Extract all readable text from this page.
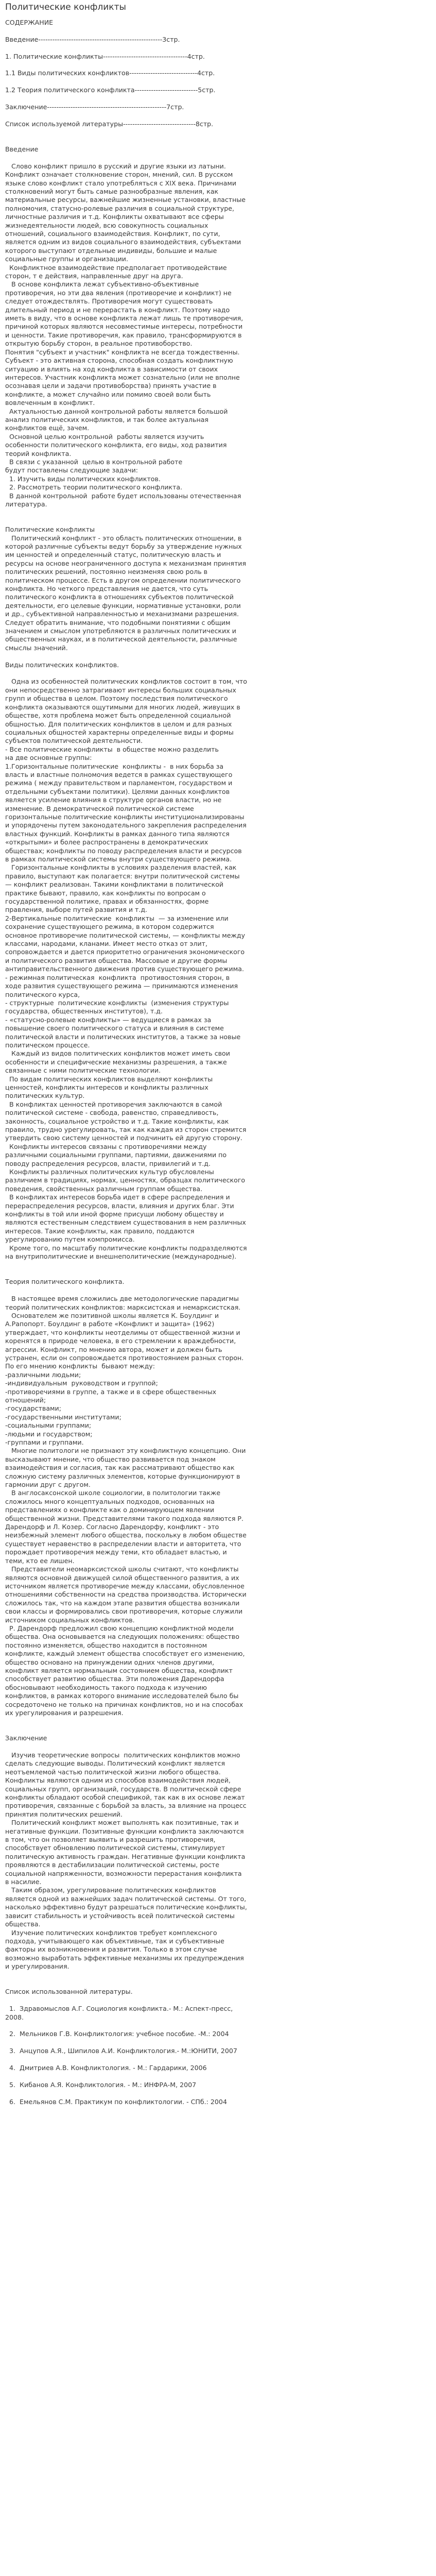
Политические конфликты
СОДЕРЖАНИЕ
Введение-----------------------------------------------------3стр.
1. Политические конфликты------------------------------------4стр.
1.1 Виды политических конфликтов-----------------------------4стр.
1.2 Теория политического конфликта---------------------------5стр.
Заключение---------------------------------------------------7стр.
Список используемой литературы-------------------------------8стр.
Введение
Слово конфликт пришло в русский и другие языки из латыни. Конфликт означает столкновение сторон, мнений, сил. В русском языке слово конфликт стало употребляться с XIX века. Причинами столкновений могут быть самые разнообразные явления, как материальные ресурсы, важнейшие жизненные установки, властные полномочия, статусно-ролевые различия в социальной структуре, личностные различия и т.д. Конфликты охватывают все сферы жизнедеятельности людей, всю совокупность социальных отношений, социального взаимодействия. Конфликт, по сути, является одним из видов социального взаимодействия, субъектами которого выступают отдельные индивиды, большие и малые социальные группы и организации.
Конфликтное взаимодействие предполагает противодействие сторон, т е действия, направленные друг на друга.
В основе конфликта лежат субъективно-объективные противоречия, но эти два явления (противоречие и конфликт) не следует отождествлять. Противоречия могут существовать длительный период и не перерастать в конфликт. Поэтому надо иметь в виду, что в основе конфликта лежат лишь те противоречия, причиной которых являются несовместимые интересы, потребности и ценности. Такие противоречия, как правило, трансформируются в открытую борьбу сторон, в реальное противоборство.
Понятия "субъект и участник" конфликта не всегда тождественны. Субъект - это активная сторона, способная создать конфликтную ситуацию и влиять на ход конфликта в зависимости от своих интересов. Участник конфликта может сознательно (или не вполне осознавая цели и задачи противоборства) принять участие в конфликте, а может случайно или помимо своей воли быть вовлеченным в конфликт.
Актуальностью данной контрольной работы является большой анализ политических конфликтов, и так более актуальная конфликтов ещё, зачем.
Основной целью контрольной  работы является изучить особенности политического конфликта, его виды, ход развития теорий конфликта.
В связи с указанной  целью в контрольной работе
будут поставлены следующие задачи:
1. Изучить виды политических конфликтов.
2. Рассмотреть теории политического конфликта.
В данной контрольной  работе будет использованы отечественная  литература.
Политические конфликты
Политический конфликт - это область политических отношении, в которой различные субъекты ведут борьбу за утверждение нужных им ценностей и определенный статус, политическую власть и ресурсы на основе неограниченного доступа к механизмам принятия политических решений, постоянно неизменяя свою роль в политическом процессе. Есть в другом определении политического конфликта. Но четкого представления не дается, что суть политического конфликта в отношениях субъектов политической деятельности, его целевые функции, нормативные установки, роли и др., субъективной направленностью и механизмами разрешения. Следует обратить внимание, что подобными понятиями с общим значением и смыслом употребляются в различных политических и общественных науках, и в политической деятельности, различные смыслы значений.
Виды политических конфликтов.
Одна из особенностей политических конфликтов состоит в том, что они непосредственно затрагивают интересы больших социальных групп и общества в целом. Поэтому последствия политического конфликта оказываются ощутимыми для многих людей, живущих в обществе, хотя проблема может быть определенной социальной общностью. Для политических конфликтов в целом и для разных социальных общностей характерны определенные виды и формы субъектов политической деятельности.
- Все политические конфликты  в обществе можно разделить
на две основные группы:
1.Горизонтальные политические  конфликты -  в них борьба за власть и властные полномочия ведется в рамках существующего режима ( между правительством и парламентом, государством и отдельными субъектами политики). Целями данных конфликтов является усиление влияния в структуре органов власти, но не изменение. В демократической политической системе горизонтальные политические конфликты институционализированы и упорядочены путем законодательного закрепления распределения властных функций. Конфликты в рамках данного типа являются «открытыми» и более распространены в демократических обществах; конфликты по поводу распределения власти и ресурсов в рамках политической системы внутри существующего режима.
Горизонтальные конфликты в условиях разделения властей, как правило, выступают как полагается: внутри политической системы — конфликт реализован. Такими конфликтами в политической практике бывают, правило, как конфликты по вопросам о государственной политике, правах и обязанностях, форме правления, выборе путей развития и т.д.
2-Вертикальные политические  конфликты  — за изменение или сохранение существующего режима, в котором содержится основное противоречие политической системы, — конфликты между классами, народами, кланами. Имеет место отказ от элит, сопровождается и дается приоритетно ограничения экономического и политического развития общества. Массовые и другие формы антиправительственного движения против существующего режима.
- режимная политическая  конфликта  противостояния сторон, в ходе развития существующего режима — принимаются изменения политического курса,
- структурные  политические конфликты  (изменения структуры государства, общественных институтов), т.д.
- «статусно-ролевые конфликты» — ведущиеся в рамках за повышение своего политического статуса и влияния в системе политической власти и политических институтов, а также за новые политическом процессе.
Каждый из видов политических конфликтов может иметь свои особенности и специфические механизмы разрешения, а также связанные с ними политические технологии.
По видам политических конфликтов выделяют конфликты ценностей, конфликты интересов и конфликты различных политических культур.
В конфликтах ценностей противоречия заключаются в самой политической системе - свобода, равенство, справедливость, законность, социальное устройство и т.д. Такие конфликты, как правило, трудно урегулировать, так как каждая из сторон стремится утвердить свою систему ценностей и подчинить ей другую сторону.
Конфликты интересов связаны с противоречиями между различными социальными группами, партиями, движениями по поводу распределения ресурсов, власти, привилегий и т.д.
Конфликты различных политических культур обусловлены различием в традициях, нормах, ценностях, образцах политического поведения, свойственных различным группам общества.
В конфликтах интересов борьба идет в сфере распределения и перераспределения ресурсов, власти, влияния и других благ. Эти конфликты в той или иной форме присущи любому обществу и являются естественным следствием существования в нем различных интересов. Такие конфликты, как правило, поддаются урегулированию путем компромисса.
Кроме того, по масштабу политические конфликты подразделяются на внутриполитические и внешнеполитические (международные).
Теория политического конфликта.
В настоящее время сложились две методологические парадигмы теорий политических конфликтов: марксистская и немарксистская.
Основателем же позитивной школы является К. Боулдинг и А.Рапопорт. Боулдинг в работе «Конфликт и защита» (1962) утверждает, что конфликты неотделимы от общественной жизни и коренятся в природе человека, в его стремлении к враждебности, агрессии. Конфликт, по мнению автора, может и должен быть устранен, если он сопровождается противостоянием разных сторон.
По его мнению конфликты  бывают между:
-различными людьми;
-индивидуальным  руководством и группой;
-противоречиями в группе, а также и в сфере общественных отношений;
-государствами;
-государственными институтами;
-социальными группами;
-людьми и государством;
-группами и группами.
Многие политологи не признают эту конфликтную концепцию. Они высказывают мнение, что общество развивается под знаком взаимодействия и согласия, так как рассматривают общество как сложную систему различных элементов, которые функционируют в гармонии друг с другом.
В англосаксонской школе социологии, в политологии также сложилось много концептуальных подходов, основанных на представлениях о конфликте как о доминирующем явлении общественной жизни. Представителями такого подхода являются Р. Дарендорф и Л. Козер. Согласно Дарендорфу, конфликт - это неизбежный элемент любого общества, поскольку в любом обществе существует неравенство в распределении власти и авторитета, что порождает противоречия между теми, кто обладает властью, и теми, кто ее лишен.
Представители неомарксистской школы считают, что конфликты являются основной движущей силой общественного развития, а их источником является противоречие между классами, обусловленное отношениями собственности на средства производства. Исторически сложилось так, что на каждом этапе развития общества возникали свои классы и формировались свои противоречия, которые служили источником социальных конфликтов.
Р. Дарендорф предложил свою концепцию конфликтной модели общества. Она основывается на следующих положениях: общество постоянно изменяется, общество находится в постоянном конфликте, каждый элемент общества способствует его изменению, общество основано на принуждении одних членов другими, конфликт является нормальным состоянием общества, конфликт способствует развитию общества. Эти положения Дарендорфа обосновывают необходимость такого подхода к изучению конфликтов, в рамках которого внимание исследователей было бы сосредоточено не только на причинах конфликтов, но и на способах их урегулирования и разрешения.
Заключение
Изучив теоретические вопросы  политических конфликтов можно сделать следующие выводы. Политический конфликт является неотъемлемой частью политической жизни любого общества. Конфликты являются одним из способов взаимодействия людей, социальных групп, организаций, государств. В политической сфере конфликты обладают особой спецификой, так как в их основе лежат противоречия, связанные с борьбой за власть, за влияние на процесс принятия политических решений.
Политический конфликт может выполнять как позитивные, так и негативные функции. Позитивные функции конфликта заключаются в том, что он позволяет выявить и разрешить противоречия, способствует обновлению политической системы, стимулирует политическую активность граждан. Негативные функции конфликта проявляются в дестабилизации политической системы, росте социальной напряженности, возможности перерастания конфликта в насилие.
Таким образом, урегулирование политических конфликтов является одной из важнейших задач политической системы. От того, насколько эффективно будут разрешаться политические конфликты, зависит стабильность и устойчивость всей политической системы общества.
Изучение политических конфликтов требует комплексного подхода, учитывающего как объективные, так и субъективные факторы их возникновения и развития. Только в этом случае возможно выработать эффективные механизмы их предупреждения и урегулирования.
Список использованной литературы.
1.  Здравомыслов А.Г. Социология конфликта.- М.: Аспект-пресс, 2008.
2.  Мельников Г.В. Конфликтология: учебное пособие. -М.: 2004
3.  Анцупов А.Я., Шипилов А.И. Конфликтология.- М.:ЮНИТИ, 2007
4.  Дмитриев А.В. Конфликтология. - М.: Гардарики, 2006
5.  Кибанов А.Я. Конфликтология. - М.: ИНФРА-М, 2007
6.  Емельянов С.М. Практикум по конфликтологии. - СПб.: 2004
